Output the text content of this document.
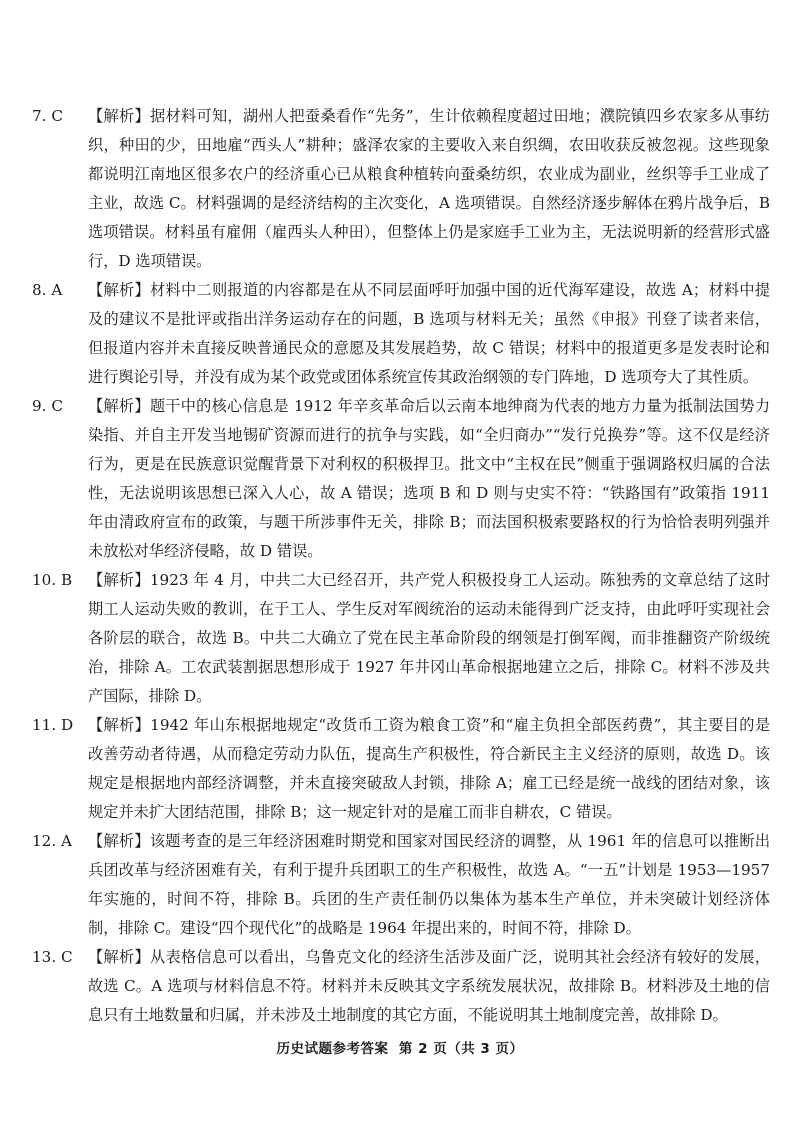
7. C 【解析】据材料可知，湖州人把蚕桑看作“先务”，生计依赖程度超过田地；濮院镇四乡农家多从事纺织，种田的少，田地雇“西头人”耕种；盛泽农家的主要收入来自织绸，农田收获反被忽视。这些现象都说明江南地区很多农户的经济重心已从粮食种植转向蚕桑纺织，农业成为副业，丝织等手工业成了主业，故选 C。材料强调的是经济结构的主次变化，A 选项错误。自然经济逐步解体在鸦片战争后，B 选项错误。材料虽有雇佣（雇西头人种田），但整体上仍是家庭手工业为主，无法说明新的经营形式盛行，D 选项错误。
8. A 【解析】材料中二则报道的内容都是在从不同层面呼吁加强中国的近代海军建设，故选 A；材料中提及的建议不是批评或指出洋务运动存在的问题，B 选项与材料无关；虽然《申报》刊登了读者来信，但报道内容并未直接反映普通民众的意愿及其发展趋势，故 C 错误；材料中的报道更多是发表时论和进行舆论引导，并没有成为某个政党或团体系统宣传其政治纲领的专门阵地，D 选项夸大了其性质。
9. C 【解析】题干中的核心信息是 1912 年辛亥革命后以云南本地绅商为代表的地方力量为抵制法国势力染指、并自主开发当地锡矿资源而进行的抗争与实践，如“全归商办”“发行兑换券”等。这不仅是经济行为，更是在民族意识觉醒背景下对利权的积极捍卫。批文中“主权在民”侧重于强调路权归属的合法性，无法说明该思想已深入人心，故 A 错误；选项 B 和 D 则与史实不符：“铁路国有”政策指 1911 年由清政府宣布的政策，与题干所涉事件无关，排除 B；而法国积极索要路权的行为恰恰表明列强并未放松对华经济侵略，故 D 错误。
10. B 【解析】1923 年 4 月，中共二大已经召开，共产党人积极投身工人运动。陈独秀的文章总结了这时期工人运动失败的教训，在于工人、学生反对军阀统治的运动未能得到广泛支持，由此呼吁实现社会各阶层的联合，故选 B。中共二大确立了党在民主革命阶段的纲领是打倒军阀，而非推翻资产阶级统治，排除 A。工农武装割据思想形成于 1927 年井冈山革命根据地建立之后，排除 C。材料不涉及共产国际，排除 D。
11. D 【解析】1942 年山东根据地规定“改货币工资为粮食工资”和“雇主负担全部医药费”，其主要目的是改善劳动者待遇，从而稳定劳动力队伍，提高生产积极性，符合新民主主义经济的原则，故选 D。该规定是根据地内部经济调整，并未直接突破敌人封锁，排除 A；雇工已经是统一战线的团结对象，该规定并未扩大团结范围，排除 B；这一规定针对的是雇工而非自耕农，C 错误。
12. A 【解析】该题考查的是三年经济困难时期党和国家对国民经济的调整，从 1961 年的信息可以推断出兵团改革与经济困难有关，有利于提升兵团职工的生产积极性，故选 A。“一五”计划是 1953—1957 年实施的，时间不符，排除 B。兵团的生产责任制仍以集体为基本生产单位，并未突破计划经济体制，排除 C。建设“四个现代化”的战略是 1964 年提出来的，时间不符，排除 D。
13. C 【解析】从表格信息可以看出，乌鲁克文化的经济生活涉及面广泛，说明其社会经济有较好的发展，故选 C。A 选项与材料信息不符。材料并未反映其文字系统发展状况，故排除 B。材料涉及土地的信息只有土地数量和归属，并未涉及土地制度的其它方面，不能说明其土地制度完善，故排除 D。
历史试题参考答案 第 2 页（共 3 页）
